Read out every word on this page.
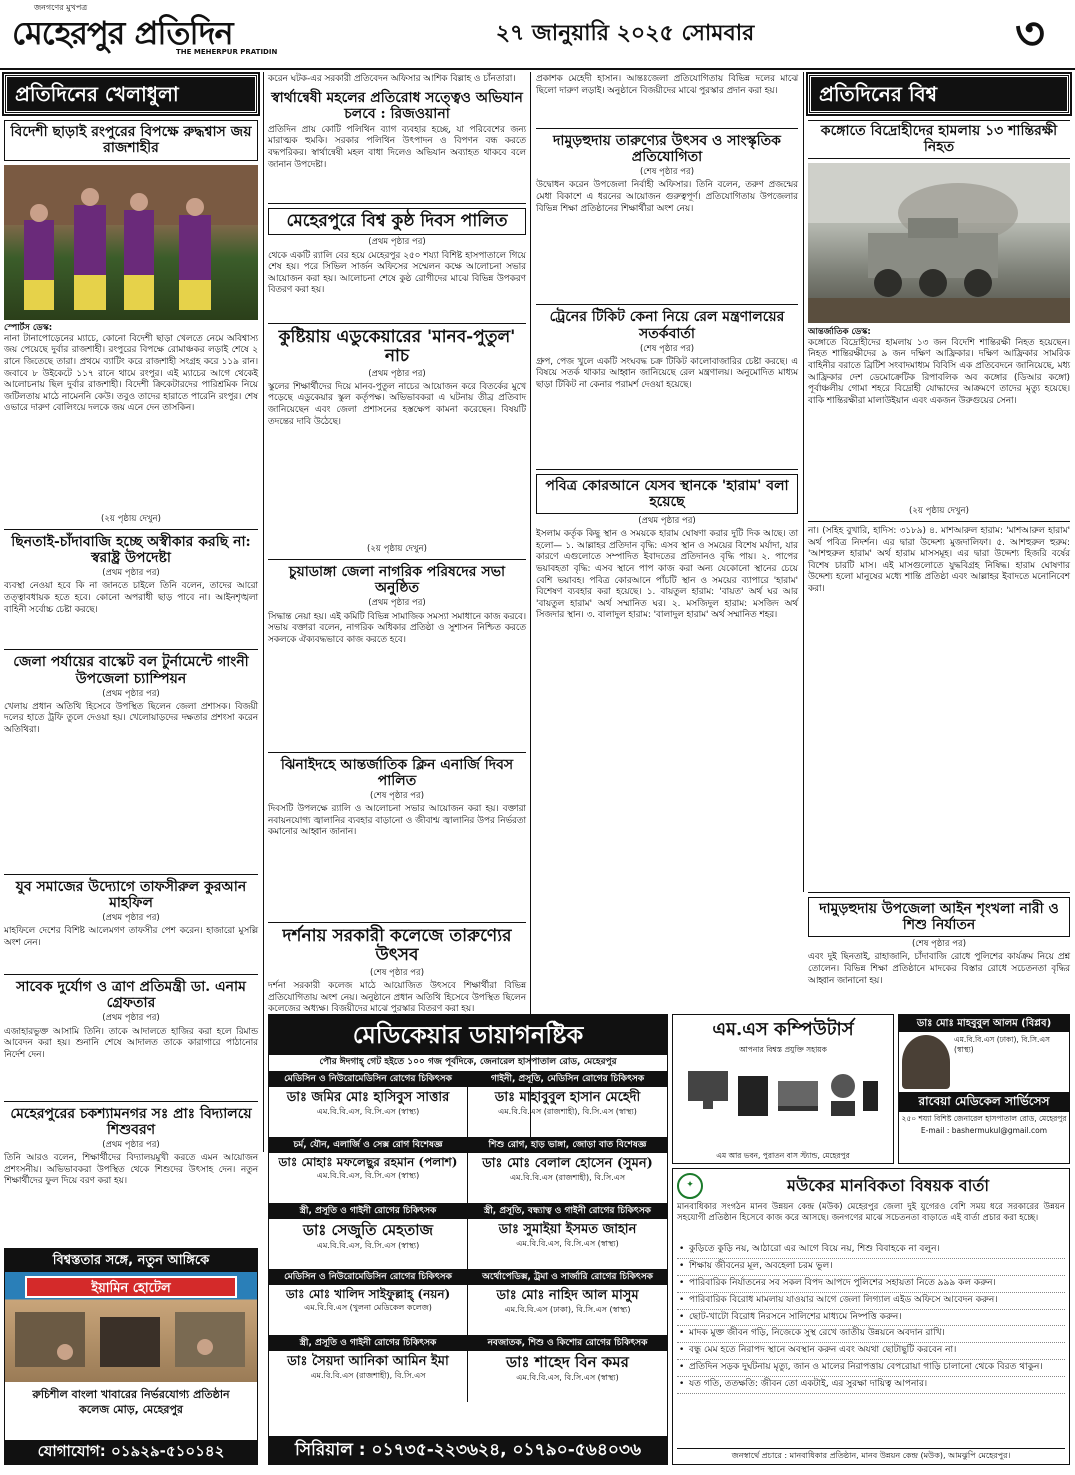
জনগণের মুখপত্র
মেহেরপুর প্রতিদিন
THE MEHERPUR PRATIDIN
২৭ জানুয়ারি ২০২৫ সোমবার	৩
প্রতিদিনের খেলাধুলা
বিদেশী ছাড়াই রংপুরের বিপক্ষে রুদ্ধশ্বাস জয় রাজশাহীর
স্পোর্টস ডেস্ক:
নানা টানাপোড়েনের ম্যাচে, কোনো বিদেশী ছাড়া খেলতে নেমে অবিশ্বাস্য জয় পেয়েছে দুর্বার রাজশাহী। রংপুরের বিপক্ষে রোমাঞ্চকর লড়াই শেষে ২ রানে জিতেছে তারা। প্রথমে ব্যাটিং করে রাজশাহী সংগ্রহ করে ১১৯ রান। জবাবে ৮ উইকেটে ১১৭ রানে থামে রংপুর। এই ম্যাচের আগে থেকেই আলোচনায় ছিল দুর্বার রাজশাহী। বিদেশী ক্রিকেটারদের পারিশ্রমিক নিয়ে জটিলতায় মাঠে নামেননি কেউ। তবুও তাদের হারাতে পারেনি রংপুর। শেষ ওভারে দারুণ বোলিংয়ে দলকে জয় এনে দেন তাসকিন।
(২য় পৃষ্ঠায় দেখুন)
ছিনতাই-চাঁদাবাজি হচ্ছে অস্বীকার করছি না: স্বরাষ্ট্র উপদেষ্টা
(প্রথম পৃষ্ঠার পর)
ব্যবস্থা নেওয়া হবে কি না জানতে চাইলে তিনি বলেন, তাদের আরো তত্ত্বাবধায়ক হতে হবে। কোনো অপরাধী ছাড় পাবে না। আইনশৃঙ্খলা বাহিনী সর্বোচ্চ চেষ্টা করছে।
জেলা পর্যায়ের বাস্কেট বল টুর্নামেন্টে গাংনী উপজেলা চ্যাম্পিয়ন
(প্রথম পৃষ্ঠার পর)
খেলায় প্রধান অতিথি হিসেবে উপস্থিত ছিলেন জেলা প্রশাসক। বিজয়ী দলের হাতে ট্রফি তুলে দেওয়া হয়। খেলোয়াড়দের দক্ষতার প্রশংসা করেন অতিথিরা।
যুব সমাজের উদ্যোগে তাফসীরুল কুরআন মাহফিল
(প্রথম পৃষ্ঠার পর)
মাহফিলে দেশের বিশিষ্ট আলেমগণ তাফসীর পেশ করেন। হাজারো মুসল্লি অংশ নেন।
সাবেক দুর্যোগ ও ত্রাণ প্রতিমন্ত্রী ডা. এনাম গ্রেফতার
(প্রথম পৃষ্ঠার পর)
এজাহারভুক্ত আসামি তিনি। তাকে আদালতে হাজির করা হলে রিমান্ড আবেদন করা হয়। শুনানি শেষে আদালত তাকে কারাগারে পাঠানোর নির্দেশ দেন।
মেহেরপুরের চকশ্যামনগর সঃ প্রাঃ বিদ্যালয়ে শিশুবরণ
(প্রথম পৃষ্ঠার পর)
তিনি আরও বলেন, শিক্ষার্থীদের বিদ্যালয়মুখী করতে এমন আয়োজন প্রশংসনীয়। অভিভাবকরা উপস্থিত থেকে শিশুদের উৎসাহ দেন। নতুন শিক্ষার্থীদের ফুল দিয়ে বরণ করা হয়।
করেন ঘটক-এর সরকারী প্রতিবেদন অফিসার আশিক বিল্লাহ ও চাঁনতারা।
স্বার্থান্বেষী মহলের প্রতিরোধ সত্ত্বেও অভিযান চলবে : রিজওয়ানা
প্রতিদিন প্রায় কোটি পলিথিন ব্যাগ ব্যবহার হচ্ছে, যা পরিবেশের জন্য মারাত্মক হুমকি। সরকার পলিথিন উৎপাদন ও বিপণন বন্ধ করতে বদ্ধপরিকর। স্বার্থান্বেষী মহল বাধা দিলেও অভিযান অব্যাহত থাকবে বলে জানান উপদেষ্টা।
মেহেরপুরে বিশ্ব কুষ্ঠ দিবস পালিত
(প্রথম পৃষ্ঠার পর)
থেকে একটি র‍্যালি বের হয়ে মেহেরপুর ২৫০ শয্যা বিশিষ্ট হাসপাতালে গিয়ে শেষ হয়। পরে সিভিল সার্জন অফিসের সম্মেলন কক্ষে আলোচনা সভার আয়োজন করা হয়। আলোচনা শেষে কুষ্ঠ রোগীদের মাঝে বিভিন্ন উপকরণ বিতরণ করা হয়।
কুষ্টিয়ায় এডুকেয়ারের 'মানব-পুতুল' নাচ
(প্রথম পৃষ্ঠার পর)
স্কুলের শিক্ষার্থীদের দিয়ে মানব-পুতুল নাচের আয়োজন করে বিতর্কের মুখে পড়েছে এডুকেয়ার স্কুল কর্তৃপক্ষ। অভিভাবকরা এ ঘটনায় তীব্র প্রতিবাদ জানিয়েছেন এবং জেলা প্রশাসনের হস্তক্ষেপ কামনা করেছেন। বিষয়টি তদন্তের দাবি উঠেছে।
(২য় পৃষ্ঠায় দেখুন)
চুয়াডাঙ্গা জেলা নাগরিক পরিষদের সভা অনুষ্ঠিত
(প্রথম পৃষ্ঠার পর)
সিদ্ধান্ত নেয়া হয়। এই কমিটি বিভিন্ন সামাজিক সমস্যা সমাধানে কাজ করবে। সভায় বক্তারা বলেন, নাগরিক অধিকার প্রতিষ্ঠা ও সুশাসন নিশ্চিত করতে সকলকে ঐক্যবদ্ধভাবে কাজ করতে হবে।
ঝিনাইদহে আন্তর্জাতিক ক্লিন এনার্জি দিবস পালিত
(শেষ পৃষ্ঠার পর)
দিবসটি উপলক্ষে র‍্যালি ও আলোচনা সভার আয়োজন করা হয়। বক্তারা নবায়নযোগ্য জ্বালানির ব্যবহার বাড়ানো ও জীবাশ্ম জ্বালানির উপর নির্ভরতা কমানোর আহ্বান জানান।
দর্শনায় সরকারী কলেজে তারুণ্যের উৎসব
(শেষ পৃষ্ঠার পর)
দর্শনা সরকারী কলেজ মাঠে আয়োজিত উৎসবে শিক্ষার্থীরা বিভিন্ন প্রতিযোগিতায় অংশ নেয়। অনুষ্ঠানে প্রধান অতিথি হিসেবে উপস্থিত ছিলেন কলেজের অধ্যক্ষ। বিজয়ীদের মাঝে পুরস্কার বিতরণ করা হয়।
প্রকাশক মেহেদী হাসান। আন্তঃজেলা প্রতিযোগিতায় বিভিন্ন দলের মাঝে ছিলো দারুণ লড়াই। অনুষ্ঠানে বিজয়ীদের মাঝে পুরস্কার প্রদান করা হয়।
দামুড়হুদায় তারুণ্যের উৎসব ও সাংস্কৃতিক প্রতিযোগিতা
(শেষ পৃষ্ঠার পর)
উদ্বোধন করেন উপজেলা নির্বাহী অফিসার। তিনি বলেন, তরুণ প্রজন্মের মেধা বিকাশে এ ধরনের আয়োজন গুরুত্বপূর্ণ। প্রতিযোগিতায় উপজেলার বিভিন্ন শিক্ষা প্রতিষ্ঠানের শিক্ষার্থীরা অংশ নেয়।
ট্রেনের টিকিট কেনা নিয়ে রেল মন্ত্রণালয়ের সতর্কবার্তা
(শেষ পৃষ্ঠার পর)
গ্রুপ, পেজ খুলে একটি সংঘবদ্ধ চক্র টিকিট কালোবাজারির চেষ্টা করছে। এ বিষয়ে সতর্ক থাকার আহ্বান জানিয়েছে রেল মন্ত্রণালয়। অনুমোদিত মাধ্যম ছাড়া টিকিট না কেনার পরামর্শ দেওয়া হয়েছে।
পবিত্র কোরআনে যেসব স্থানকে 'হারাম' বলা হয়েছে
(প্রথম পৃষ্ঠার পর)
ইসলাম কর্তৃক কিছু স্থান ও সময়কে হারাম ঘোষণা করার দুটি দিক আছে। তা হলো— ১. আল্লাহর প্রতিদান বৃদ্ধি: এসব স্থান ও সময়ের বিশেষ মর্যাদা, যার কারণে এগুলোতে সম্পাদিত ইবাদতের প্রতিদানও বৃদ্ধি পায়। ২. পাপের ভয়াবহতা বৃদ্ধি: এসব স্থানে পাপ কাজ করা অন্য যেকোনো স্থানের চেয়ে বেশি ভয়াবহ। পবিত্র কোরআনে পাঁচটি স্থান ও সময়ের ব্যাপারে 'হারাম' বিশেষণ ব্যবহার করা হয়েছে। ১. বায়তুল হারাম: 'বায়ত' অর্থ ঘর আর 'বায়তুল হারাম' অর্থ সম্মানিত ঘর। ২. মসজিদুল হারাম: মসজিদ অর্থ সিজদার স্থান। ৩. বালাদুল হারাম: 'বালাদুল হারাম' অর্থ সম্মানিত শহর।
প্রতিদিনের বিশ্ব
কঙ্গোতে বিদ্রোহীদের হামলায় ১৩ শান্তিরক্ষী নিহত
আন্তর্জাতিক ডেস্ক:
কঙ্গোতে বিদ্রোহীদের হামলায় ১৩ জন বিদেশি শান্তিরক্ষী নিহত হয়েছেন। নিহত শান্তিরক্ষীদের ৯ জন দক্ষিণ আফ্রিকার। দক্ষিণ আফ্রিকার সামরিক বাহিনীর বরাতে ব্রিটিশ সংবাদমাধ্যম বিবিসি এক প্রতিবেদনে জানিয়েছে, মধ্য আফ্রিকার দেশ ডেমোক্রেটিক রিপাবলিক অব কঙ্গোর (ডিআর কঙ্গো) পূর্বাঞ্চলীয় গোমা শহরে বিদ্রোহী যোদ্ধাদের আক্রমণে তাদের মৃত্যু হয়েছে। বাকি শান্তিরক্ষীরা মালাউইয়ান এবং একজন উরুগুয়ের সেনা।
(২য় পৃষ্ঠায় দেখুন)
না। (সহিহ বুখারি, হাদিস: ৩১৮৯) ৪. মাশআরুল হারাম: 'মাশআরুল হারাম' অর্থ পবিত্র নিদর্শন। এর দ্বারা উদ্দেশ্য মুজদালিফা। ৫. আশহুরুল হুরুম: 'আশহুরুল হারাম' অর্থ হারাম মাসসমূহ। এর দ্বারা উদ্দেশ্য হিজরি বর্ষের বিশেষ চারটি মাস। এই মাসগুলোতে যুদ্ধবিগ্রহ নিষিদ্ধ। হারাম ঘোষণার উদ্দেশ্য হলো মানুষের মধ্যে শান্তি প্রতিষ্ঠা এবং আল্লাহর ইবাদতে মনোনিবেশ করা।
দামুড়হুদায় উপজেলা আইন শৃংখলা নারী ও শিশু নির্যাতন
(শেষ পৃষ্ঠার পর)
এবং দুই ছিনতাই, রাহাজানি, চাঁদাবাজি রোধে পুলিশের কার্যক্রম নিয়ে প্রশ্ন তোলেন। বিভিন্ন শিক্ষা প্রতিষ্ঠানে মাদকের বিস্তার রোধে সচেতনতা বৃদ্ধির আহ্বান জানানো হয়।
মেডিকেয়ার ডায়াগনষ্টিক
পৌর ঈদগাহ্ গেট হইতে ১০০ গজ পূর্বদিকে, জেনারেল হাসপাতাল রোড, মেহেরপুর
মেডিসিন ও নিউরোমেডিসিন রোগের চিকিৎসক
ডাঃ জমির মোঃ হাসিবুস সাত্তার
এম.বি.বি.এস, বি.সি.এস (স্বাস্থ্য)
গাইনী, প্রসূতি, মেডিসিন রোগের চিকিৎসক
ডাঃ মাহাবুবুল হাসান মেহেদী
এম.বি.বি.এস (রাজশাহী), বি.সি.এস (স্বাস্থ্য)
চর্ম, যৌন, এলার্জি ও সেক্স রোগ বিশেষজ্ঞ
ডাঃ মোহাঃ মফলেছুর রহমান (পলাশ)
এম.বি.বি.এস, বি.সি.এস (স্বাস্থ্য)
শিশু রোগ, হাড় ভাঙ্গা, জোড়া বাত বিশেষজ্ঞ
ডাঃ মোঃ বেলাল হোসেন (সুমন)
এম.বি.বি.এস (রাজশাহী), বি.সি.এস
স্ত্রী, প্রসূতি ও গাইনী রোগের চিকিৎসক
ডাঃ সেজুতি মেহতাজ
এম.বি.বি.এস, বি.সি.এস (স্বাস্থ্য)
স্ত্রী, প্রসূতি, বন্ধ্যাত্ব ও গাইনী রোগের চিকিৎসক
ডাঃ সুমাইয়া ইসমত জাহান
এম.বি.বি.এস, বি.সি.এস (স্বাস্থ্য)
মেডিসিন ও নিউরোমেডিসিন রোগের চিকিৎসক
ডাঃ মোঃ খালিদ সাইফুল্লাহ্ (নয়ন)
এম.বি.বি.এস (খুলনা মেডিকেল কলেজ)
অর্থোপেডিক্স, ট্রমা ও সার্জারি রোগের চিকিৎসক
ডাঃ মোঃ নাহিদ আল মাসুম
এম.বি.বি.এস (ঢাকা), বি.সি.এস (স্বাস্থ্য)
স্ত্রী, প্রসূতি ও গাইনী রোগের চিকিৎসক
ডাঃ সৈয়দা আনিকা আমিন ইমা
এম.বি.বি.এস (রাজশাহী), বি.সি.এস
নবজাতক, শিশু ও কিশোর রোগের চিকিৎসক
ডাঃ শাহেদ বিন কমর
এম.বি.বি.এস, বি.সি.এস (স্বাস্থ্য)
সিরিয়াল : ০১৭৩৫-২২৩৬২৪, ০১৭৯০-৫৬৪০৩৬
এম.এস কম্পিউটার্স
আপনার বিশ্বস্ত প্রযুক্তি সহায়ক
এম আর ভবন, পুরাতন বাস স্ট্যান্ড, মেহেরপুর
ডাঃ মোঃ মাহবুবুল আলম (বিপ্লব)
এম.বি.বি.এস (ঢাকা), বি.সি.এস (স্বাস্থ্য)
রাবেয়া মেডিকেল সার্ভিসেস
২৫০ শয্যা বিশিষ্ট জেনারেল হাসপাতাল রোড, মেহেরপুর
E-mail : bashermukul@gmail.com
✦	মউকের মানবিকতা বিষয়ক বার্তা
মানবাধিকার সংগঠন মানব উন্নয়ন কেন্দ্র (মউক) মেহেরপুর জেলা দুই যুগেরও বেশি সময় ধরে সরকারের উন্নয়ন সহযোগী প্রতিষ্ঠান হিসেবে কাজ করে আসছে। জনগণের মাঝে সচেতনতা বাড়াতে এই বার্তা প্রচার করা হচ্ছে।
• কুড়িতে কুড়ি নয়, আঠারো এর আগে বিয়ে নয়, শিশু বিবাহকে না বলুন।
• শিক্ষায় জীবনের মূল, অবহেলা চরম ভুল।
• পারিবারিক নির্যাতনের সব সকল বিপদ আপদে পুলিশের সহায়তা নিতে ৯৯৯ কল করুন।
• পারিবারিক বিরোধ মামলায় যাওয়ার আগে জেলা লিগ্যাল এইড অফিসে আবেদন করুন।
• ছোট-খাটো বিরোধ নিরসনে সালিশের মাধ্যমে নিষ্পত্তি করুন।
• মাদক মুক্ত জীবন গড়ি, নিজেকে সুস্থ রেখে জাতীয় উন্নয়নে অবদান রাখি।
• বন্ধু মেম হতে নিরাপদ স্থানে অবস্থান করুন এবং অযথা ছোটাছুটি করবেন না।
• প্রতিদিন সড়ক দুর্ঘটনায় মৃত্যু, জান ও মালের নিরাপত্তায় বেপরোয়া গাড়ি চালানো থেকে বিরত থাকুন।
• যত গতি, ততক্ষতি: জীবন তো একটাই, এর সুরক্ষা দায়িত্ব আপনার।
জনস্বার্থে প্রচারে : মানবাধিকার প্রতিষ্ঠান, মানব উন্নয়ন কেন্দ্র (মউক), আমঝুপি মেহেরপুর।
বিশ্বস্ততার সঙ্গে, নতুন আঙ্গিকে
ইয়ামিন হোটেল
রুচিশীল বাংলা খাবারের নির্ভরযোগ্য প্রতিষ্ঠান
কলেজ মোড়, মেহেরপুর
যোগাযোগ: ০১৯২৯-৫১০১৪২
